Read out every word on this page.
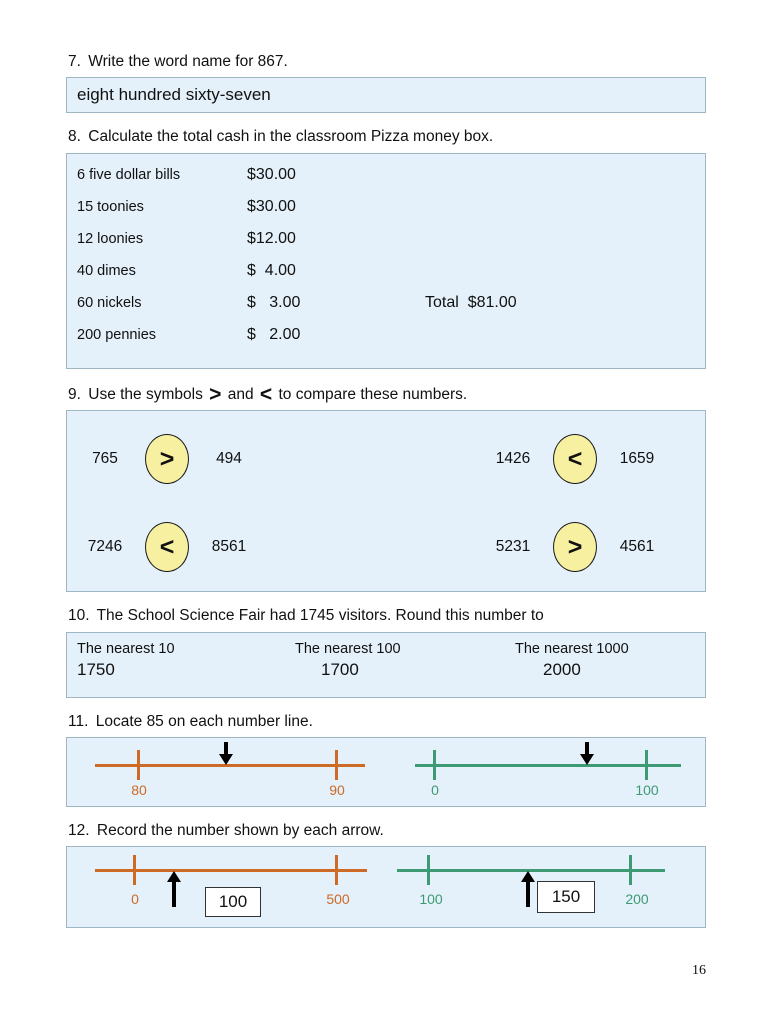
7. Write the word name for 867.

eight hundred sixty-seven

8. Calculate the total cash in the classroom Pizza money box.

6 five dollar bills	$30.00
15 toonies	$30.00
12 loonies	$12.00
40 dimes	$  4.00
60 nickels	$   3.00	Total  $81.00
200 pennies	$   2.00

9. Use the symbols > and < to compare these numbers.

765	>	494	1426	<	1659
7246	<	8561	5231	>	4561

10. The School Science Fair had 1745 visitors. Round this number to

The nearest 10
1750
The nearest 100
1700
The nearest 1000
2000

11. Locate 85 on each number line.

80	90	0	100

12. Record the number shown by each arrow.

0	500
100	100	200
150
16
